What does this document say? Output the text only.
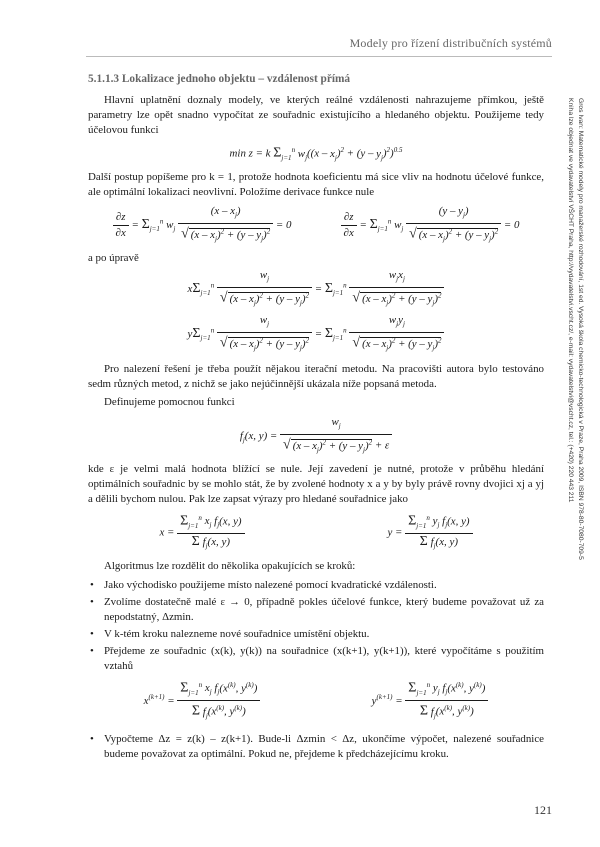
Modely pro řízení distribučních systémů
Gros Ivan: Matematické modely pro manažerské rozhodování, 1st ed. Vysoká škola chemicko-technologická v Praze, Praha 2009, ISBN 978-80-7080-709-5
Kniha lze objednat ve vydavatelství VŠCHT Praha, http://vydavatelstvi.vscht.cz/, e-mail: vydavatelstvi@vscht.cz, tel.: (+420) 220 443 211
5.1.1.3 Lokalizace jednoho objektu – vzdálenost přímá

Hlavní uplatnění doznaly modely, ve kterých reálné vzdálenosti nahrazujeme přímkou, ještě parametry lze opět snadno vypočítat ze souřadnic existujícího a hledaného objektu. Použijeme tedy účelovou funkci

min z = k $\Sigma_{j=1}^n$ $w_j((x - x_j)^2 + (y - y_j)^2)^{0.5}$

Další postup popíšeme pro k = 1, protože hodnota koeficientu má sice vliv na hodnotu účelové funkce, ale optimální lokalizaci neovlivní. Položíme derivace funkce nule

$\frac{\partial z}{\partial x} = \Sigma_{j=1}^n$ $w_j \frac{(x - x_j)}{√ (x - x_j)^2 + (y - y_j)^2} = 0$	$\frac{\partial z}{\partial x} = \Sigma_{j=1}^n$ $w_j \frac{(y - y_j)}{√ (x - x_j)^2 + (y - y_j)^2} = 0$

a po úpravě

$x\Sigma_{j=1}^n \frac{w_j}{√ (x - x_j)^2 + (y - y_j)^2} = \Sigma_{j=1}^n \frac{w_jx_j}{√ (x - x_j)^2 + (y - y_j)^2}$
$y\Sigma_{j=1}^n \frac{w_j}{√ (x - x_j)^2 + (y - y_j)^2} = \Sigma_{j=1}^n \frac{w_jy_j}{√ (x - x_j)^2 + (y - y_j)^2}$

Pro nalezení řešení je třeba použít nějakou iterační metodu. Na pracovišti autora bylo testováno sedm různých metod, z nichž se jako nejúčinnější ukázala níže popsaná metoda.

Definujeme pomocnou funkci

$f_j(x$, $y) = \frac{w_j}{√ (x - x_j)^2 + (y - y_j)^2 + \varepsilon}$

kde ε je velmi malá hodnota blížící se nule. Její zavedení je nutné, protože v průběhu hledání optimálních souřadnic by se mohlo stát, že by zvolené hodnoty x a y by byly právě rovny dvojici xj a yj a dělili bychom nulou. Pak lze zapsat výrazy pro hledané souřadnice jako

$x = \frac{\Sigma_{j=1}^n x_j f_j(x, y)}{\Sigma f_j(x, y)}$	$y = \frac{\Sigma_{j=1}^n y_j f_j(x, y)}{\Sigma f_j(x, y)}$

Algoritmus lze rozdělit do několika opakujících se kroků:

• Jako východisko použijeme místo nalezené pomocí kvadratické vzdálenosti.
• Zvolíme dostatečně malé ε → 0, případně pokles účelové funkce, který budeme považovat už za nepodstatný, Δzmin.
• V k-tém kroku nalezneme nové souřadnice umístění objektu.
• Přejdeme ze souřadnic (x(k), y(k)) na souřadnice (x(k+1), y(k+1)), které vypočítáme s použitím vztahů
$x^{(k+1)} = \frac{\Sigma_{j=1}^n x_j f_j(x^{(k)}, y^{(k)})}{\Sigma f_j(x^{(k)}, y^{(k)})}$	$y^{(k+1)} = \frac{\Sigma_{j=1}^n y_j f_j(x^{(k)}, y^{(k)})}{\Sigma f_j(x^{(k)}, y^{(k)})}$
• Vypočteme Δz = z(k) – z(k+1). Bude-li Δzmin < Δz, ukončíme výpočet, nalezené souřadnice budeme považovat za optimální. Pokud ne, přejdeme k předcházejícímu kroku.
121
